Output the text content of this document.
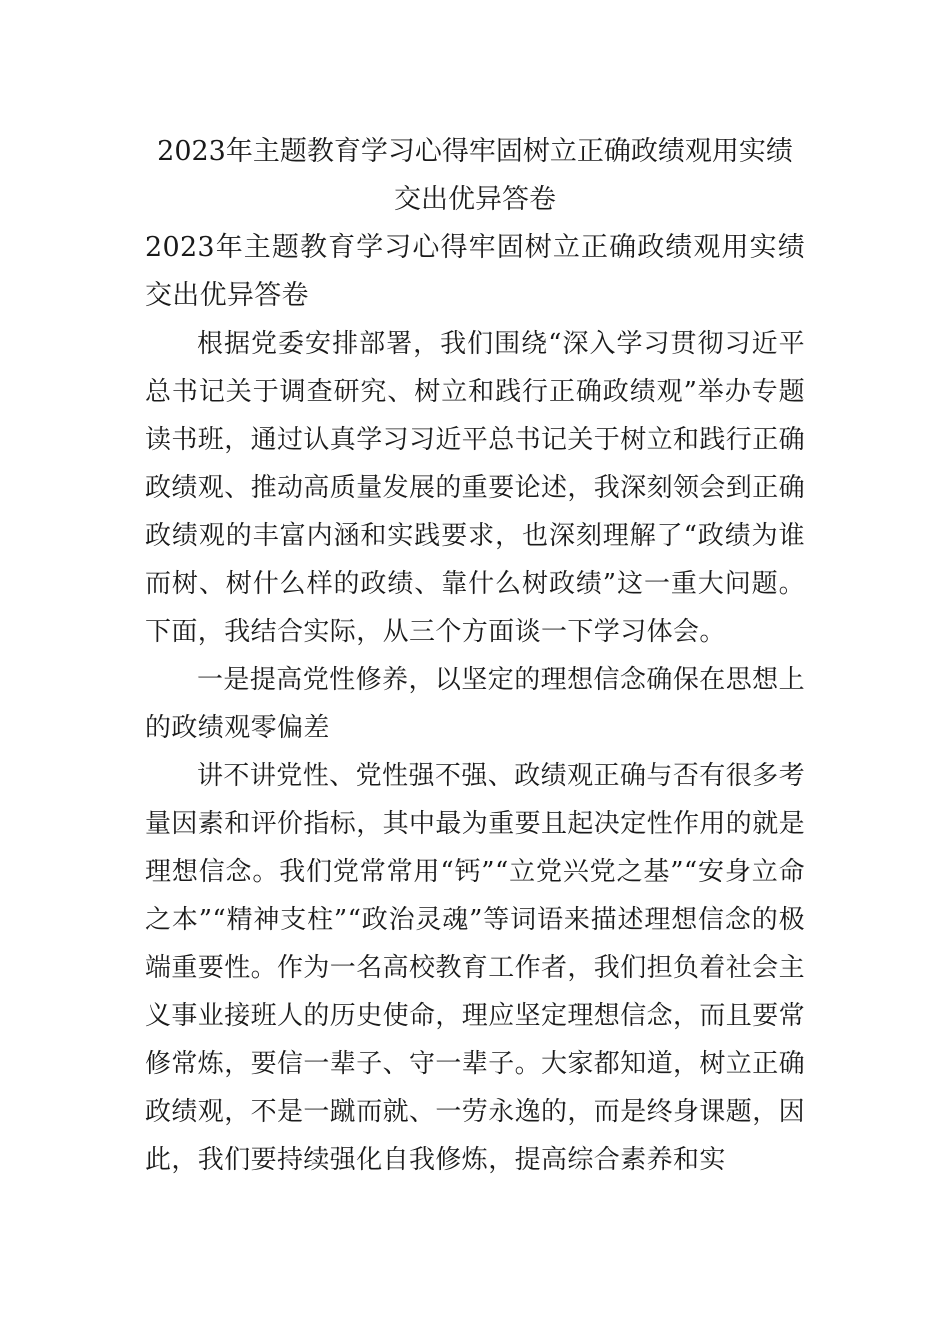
2023年主题教育学习心得牢固树立正确政绩观用实绩交出优异答卷

2023年主题教育学习心得牢固树立正确政绩观用实绩交出优异答卷

根据党委安排部署，我们围绕“深入学习贯彻习近平总书记关于调查研究、树立和践行正确政绩观”举办专题读书班，通过认真学习习近平总书记关于树立和践行正确政绩观、推动高质量发展的重要论述，我深刻领会到正确政绩观的丰富内涵和实践要求，也深刻理解了“政绩为谁而树、树什么样的政绩、靠什么树政绩”这一重大问题。下面，我结合实际，从三个方面谈一下学习体会。

一是提高党性修养，以坚定的理想信念确保在思想上的政绩观零偏差

讲不讲党性、党性强不强、政绩观正确与否有很多考量因素和评价指标，其中最为重要且起决定性作用的就是理想信念。我们党常常用“钙”“立党兴党之基”“安身立命之本”“精神支柱”“政治灵魂”等词语来描述理想信念的极端重要性。作为一名高校教育工作者，我们担负着社会主义事业接班人的历史使命，理应坚定理想信念，而且要常修常炼，要信一辈子、守一辈子。大家都知道，树立正确政绩观，不是一蹴而就、一劳永逸的，而是终身课题，因此，我们要持续强化自我修炼，提高综合素养和实
